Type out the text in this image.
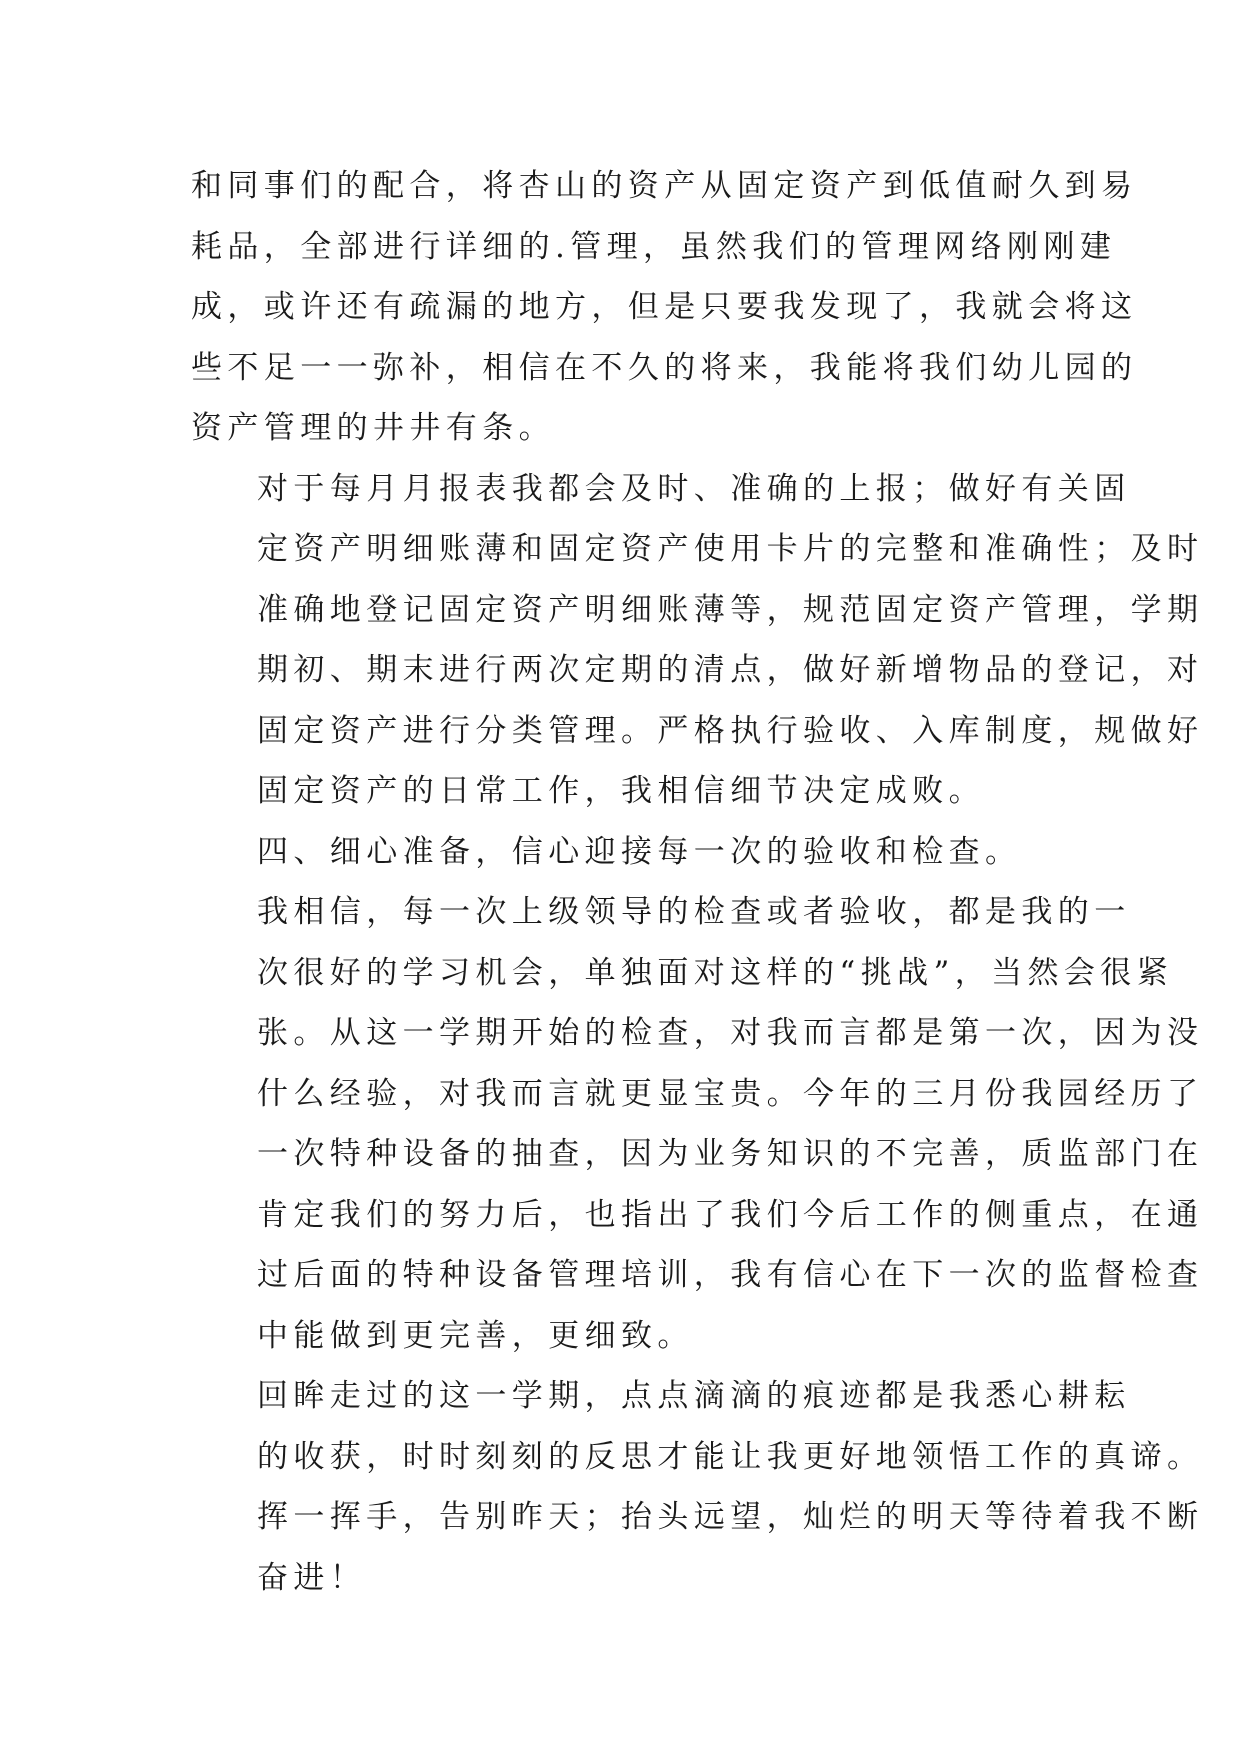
和同事们的配合，将杏山的资产从固定资产到低值耐久到易
耗品，全部进行详细的.管理，虽然我们的管理网络刚刚建
成，或许还有疏漏的地方，但是只要我发现了，我就会将这
些不足一一弥补，相信在不久的将来，我能将我们幼儿园的
资产管理的井井有条。

对于每月月报表我都会及时、准确的上报；做好有关固
定资产明细账薄和固定资产使用卡片的完整和准确性；及时
准确地登记固定资产明细账薄等，规范固定资产管理，学期
期初、期末进行两次定期的清点，做好新增物品的登记，对
固定资产进行分类管理。严格执行验收、入库制度，规做好
固定资产的日常工作，我相信细节决定成败。

四、细心准备，信心迎接每一次的验收和检查。

我相信，每一次上级领导的检查或者验收，都是我的一
次很好的学习机会，单独面对这样的“挑战”，当然会很紧
张。从这一学期开始的检查，对我而言都是第一次，因为没
什么经验，对我而言就更显宝贵。今年的三月份我园经历了
一次特种设备的抽查，因为业务知识的不完善，质监部门在
肯定我们的努力后，也指出了我们今后工作的侧重点，在通
过后面的特种设备管理培训，我有信心在下一次的监督检查
中能做到更完善，更细致。

回眸走过的这一学期，点点滴滴的痕迹都是我悉心耕耘
的收获，时时刻刻的反思才能让我更好地领悟工作的真谛。
挥一挥手，告别昨天；抬头远望，灿烂的明天等待着我不断
奋进！
